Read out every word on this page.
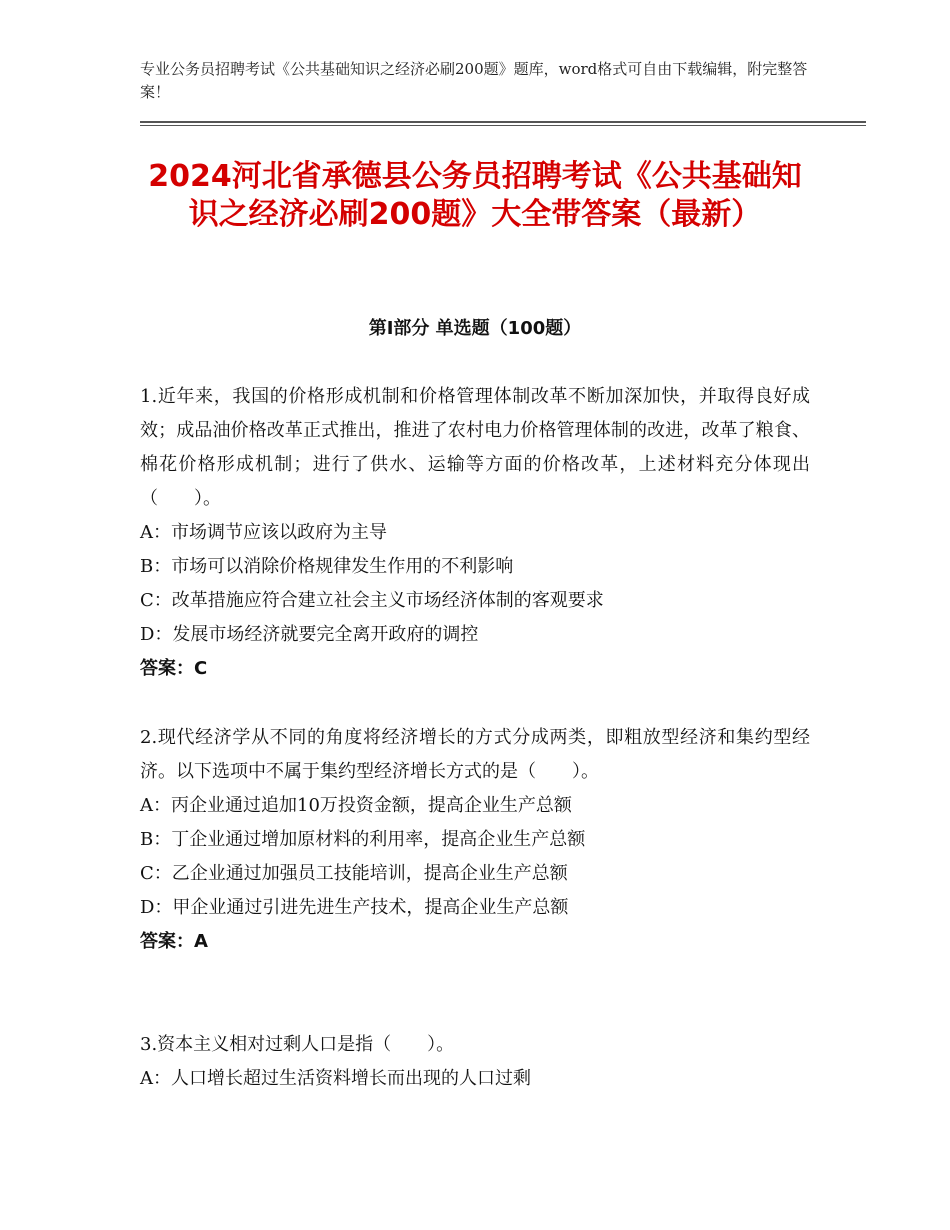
专业公务员招聘考试《公共基础知识之经济必刷200题》题库，word格式可自由下载编辑，附完整答案！
2024河北省承德县公务员招聘考试《公共基础知识之经济必刷200题》大全带答案（最新）
第Ⅰ部分 单选题（100题）

1.近年来，我国的价格形成机制和价格管理体制改革不断加深加快，并取得良好成效；成品油价格改革正式推出，推进了农村电力价格管理体制的改进，改革了粮食、棉花价格形成机制；进行了供水、运输等方面的价格改革，上述材料充分体现出（　　）。

A：市场调节应该以政府为主导

B：市场可以消除价格规律发生作用的不利影响

C：改革措施应符合建立社会主义市场经济体制的客观要求

D：发展市场经济就要完全离开政府的调控

答案：C

2.现代经济学从不同的角度将经济增长的方式分成两类，即粗放型经济和集约型经济。以下选项中不属于集约型经济增长方式的是（　　）。

A：丙企业通过追加10万投资金额，提高企业生产总额

B：丁企业通过增加原材料的利用率，提高企业生产总额

C：乙企业通过加强员工技能培训，提高企业生产总额

D：甲企业通过引进先进生产技术，提高企业生产总额

答案：A

3.资本主义相对过剩人口是指（　　）。

A：人口增长超过生活资料增长而出现的人口过剩
